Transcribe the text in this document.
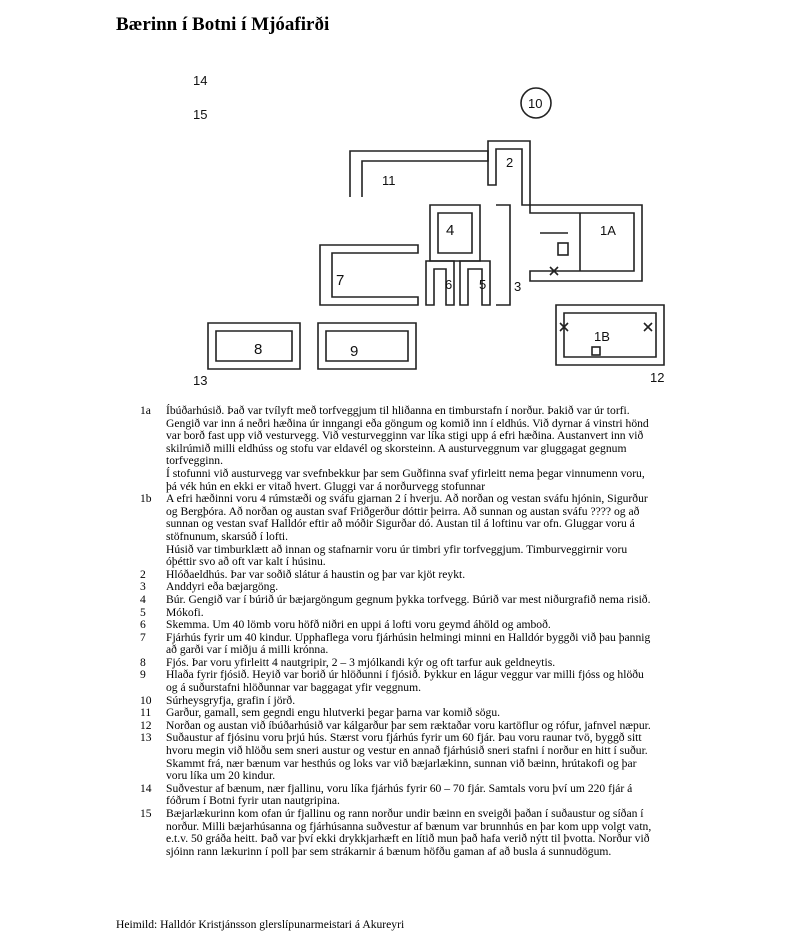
Bærinn í Botni í Mjóafirði
14
15
10
2
11
4	1A
7	6 5 3
1B
8	9
13	12
1a	Íbúðarhúsið. Það var tvílyft með torfveggjum til hliðanna en timburstafn í norður. Þakið var úr torfi.
Gengið var inn á neðri hæðina úr inngangi eða göngum og komið inn í eldhús. Við dyrnar á vinstri hönd
var borð fast upp við vesturvegg. Við vesturvegginn var líka stigi upp á efri hæðina. Austanvert inn við
skilrúmið milli eldhúss og stofu var eldavél og skorsteinn. A austurveggnum var gluggagat gegnum
torfvegginn.
Í stofunni við austurvegg var svefnbekkur þar sem Guðfinna svaf yfirleitt nema þegar vinnumenn voru,
þá vék hún en ekki er vitað hvert. Gluggi var á norðurvegg stofunnar
1b	A efri hæðinni voru 4 rúmstæði og sváfu gjarnan 2 í hverju. Að norðan og vestan sváfu hjónin, Sigurður
og Bergþóra. Að norðan og austan svaf Friðgerður dóttir þeirra. Að sunnan og austan sváfu ???? og að
sunnan og vestan svaf Halldór eftir að móðir Sigurðar dó. Austan til á loftinu var ofn. Gluggar voru á
stöfnunum, skarsúð í lofti.
Húsið var timburklætt að innan og stafnarnir voru úr timbri yfir torfveggjum. Timburveggirnir voru
óþéttir svo að oft var kalt í húsinu.
2	Hlóðaeldhús. Þar var soðið slátur á haustin og þar var kjöt reykt.
3	Anddyri eða bæjargöng.
4	Búr. Gengið var í búrið úr bæjargöngum gegnum þykka torfvegg. Búrið var mest niðurgrafið nema risið.
5	Mókofi.
6	Skemma. Um 40 lömb voru höfð niðri en uppi á lofti voru geymd áhöld og amboð.
7	Fjárhús fyrir um 40 kindur. Upphaflega voru fjárhúsin helmingi minni en Halldór byggði við þau þannig
að garði var í miðju á milli krónna.
8	Fjós. Þar voru yfirleitt 4 nautgripir, 2 – 3 mjólkandi kýr og oft tarfur auk geldneytis.
9	Hlaða fyrir fjósið. Heyið var borið úr hlöðunni í fjósið. Þykkur en lágur veggur var milli fjóss og hlöðu
og á suðurstafni hlöðunnar var baggagat yfir veggnum.
10	Súrheysgryfja, grafin í jörð.
11	Garður, gamall, sem gegndi engu hlutverki þegar þarna var komið sögu.
12	Norðan og austan við íbúðarhúsið var kálgarður þar sem ræktaðar voru kartöflur og rófur, jafnvel næpur.
13	Suðaustur af fjósinu voru þrjú hús. Stærst voru fjárhús fyrir um 60 fjár. Þau voru raunar tvö, byggð sitt
hvoru megin við hlöðu sem sneri austur og vestur en annað fjárhúsið sneri stafni í norður en hitt í suður.
Skammt frá, nær bænum var hesthús og loks var við bæjarlækinn, sunnan við bæinn, hrútakofi og þar
voru líka um 20 kindur.
14	Suðvestur af bænum, nær fjallinu, voru líka fjárhús fyrir 60 – 70 fjár. Samtals voru því um 220 fjár á
fóðrum í Botni fyrir utan nautgripina.
15	Bæjarlækurinn kom ofan úr fjallinu og rann norður undir bæinn en sveigði þaðan í suðaustur og síðan í
norður. Milli bæjarhúsanna og fjárhúsanna suðvestur af bænum var brunnhús en þar kom upp volgt vatn,
e.t.v. 50 gráða heitt. Það var því ekki drykkjarhæft en lítið mun það hafa verið nýtt til þvotta. Norður við
sjóinn rann lækurinn í poll þar sem strákarnir á bænum höfðu gaman af að busla á sunnudögum.
Heimild: Halldór Kristjánsson glerslípunarmeistari á Akureyri
